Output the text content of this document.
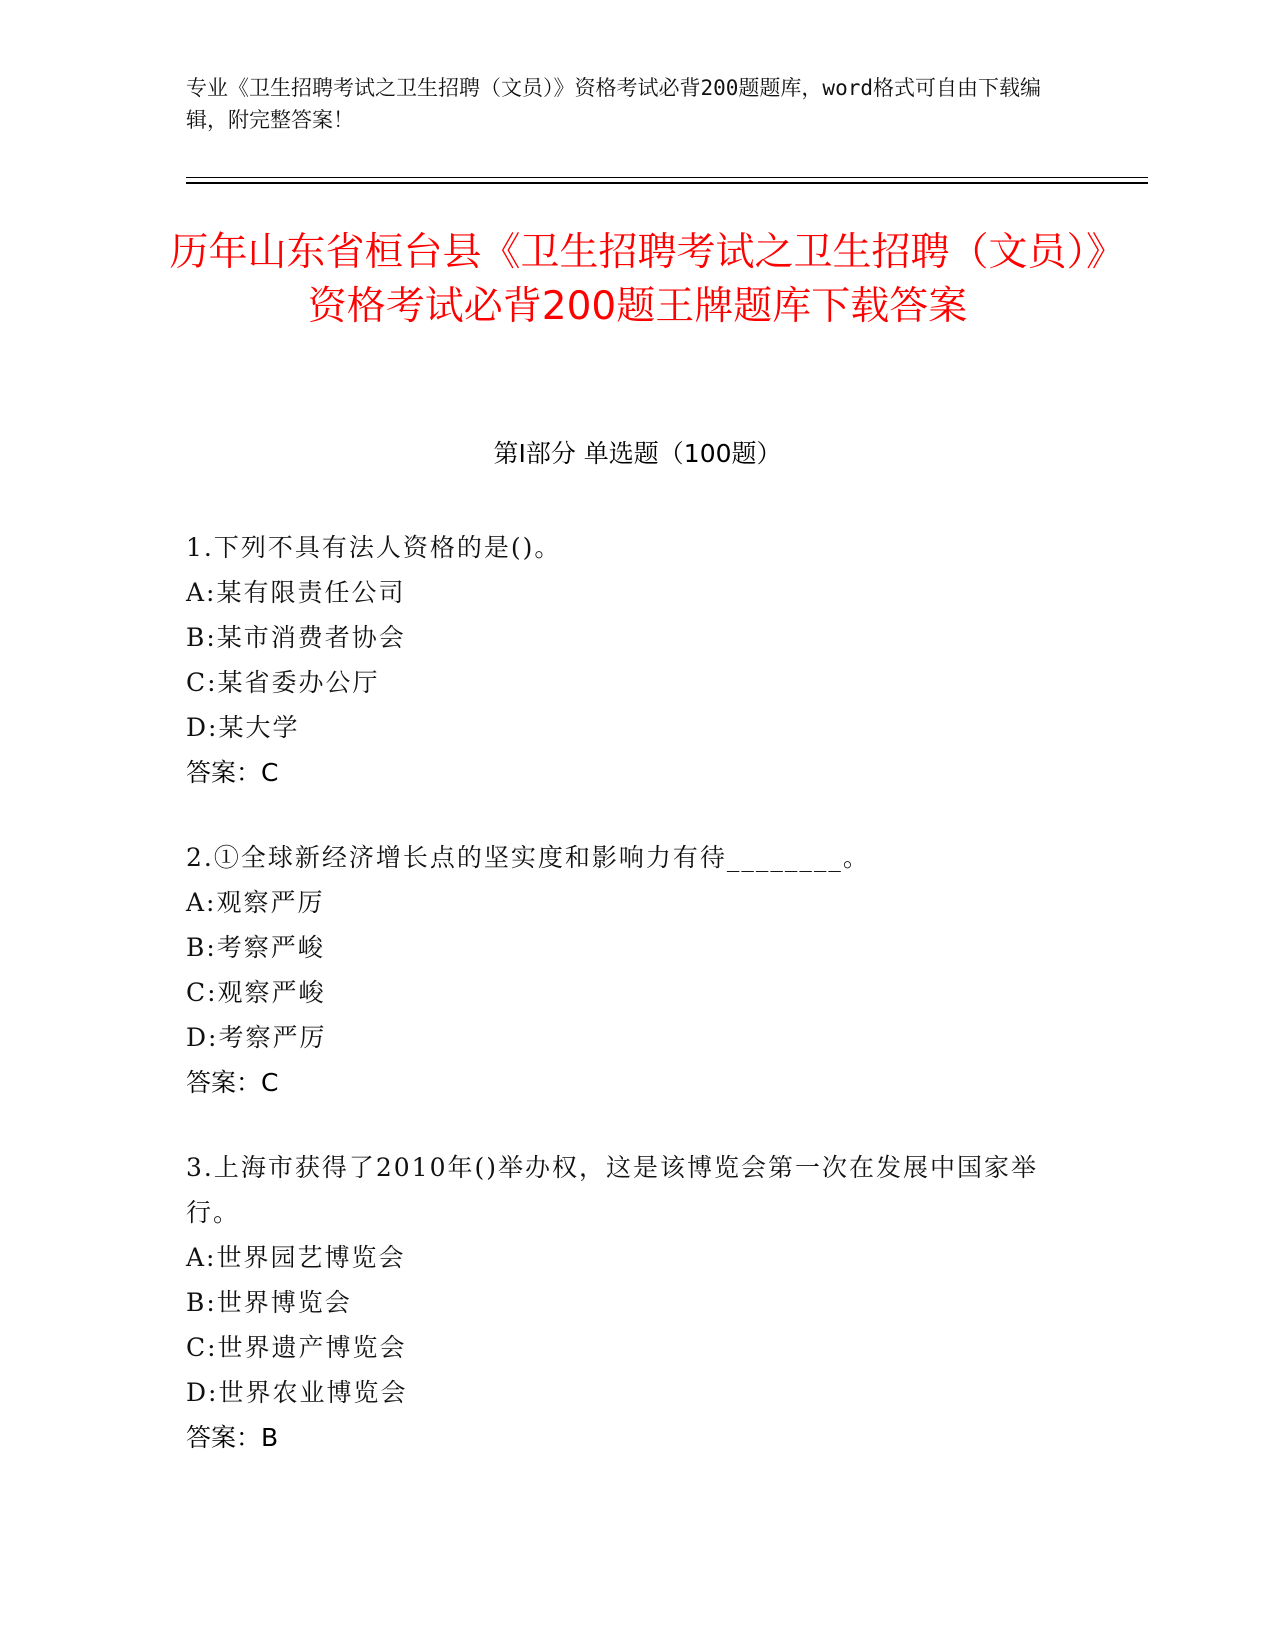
专业《卫生招聘考试之卫生招聘（文员）》资格考试必背200题题库，word格式可自由下载编辑，附完整答案！
历年山东省桓台县《卫生招聘考试之卫生招聘（文员）》资格考试必背200题王牌题库下载答案
第Ⅰ部分 单选题（100题）
1.下列不具有法人资格的是()。
A:某有限责任公司
B:某市消费者协会
C:某省委办公厅
D:某大学
答案：C
2.①全球新经济增长点的坚实度和影响力有待________。
A:观察严厉
B:考察严峻
C:观察严峻
D:考察严厉
答案：C
3.上海市获得了2010年()举办权，这是该博览会第一次在发展中国家举行。
A:世界园艺博览会
B:世界博览会
C:世界遗产博览会
D:世界农业博览会
答案：B
